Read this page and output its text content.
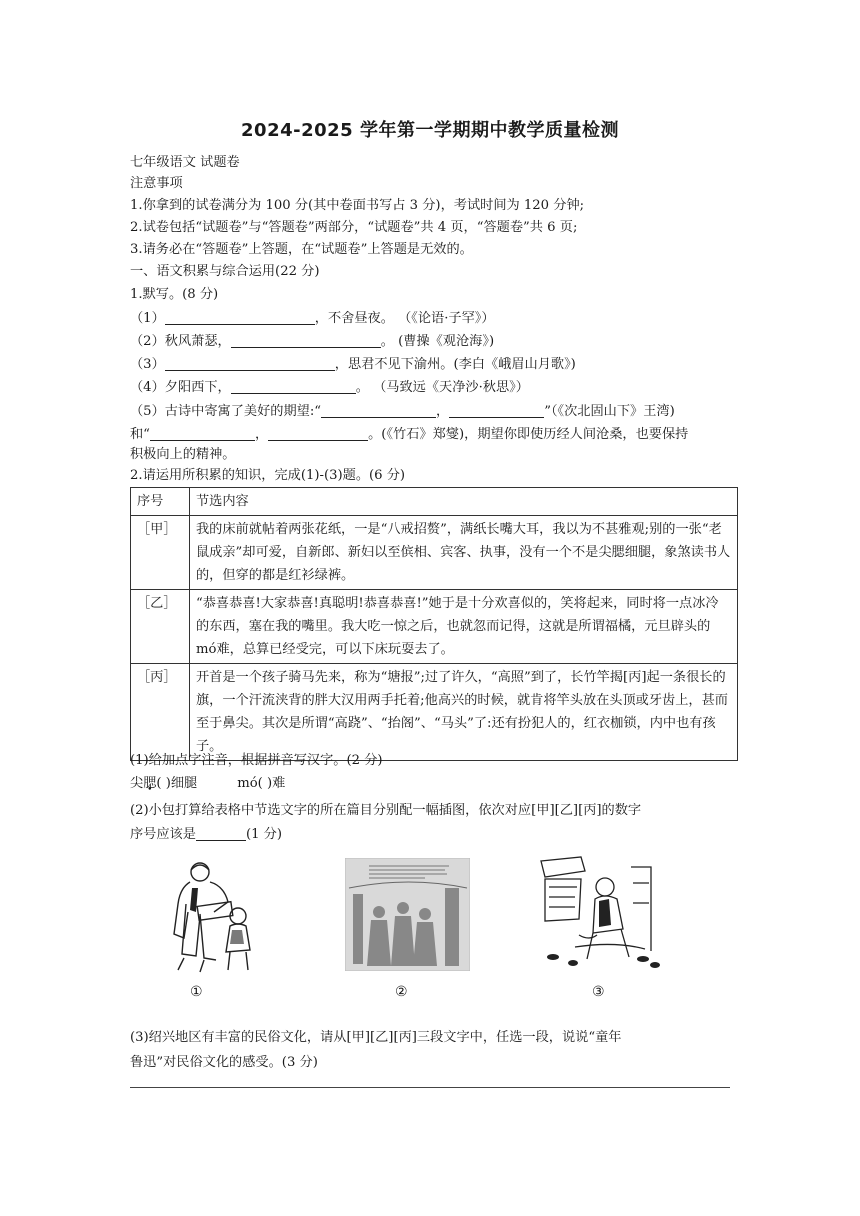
2024-2025 学年第一学期期中教学质量检测
七年级语文 试题卷
注意事项
1.你拿到的试卷满分为 100 分(其中卷面书写占 3 分)，考试时间为 120 分钟;
2.试卷包括“试题卷”与“答题卷”两部分，“试题卷”共 4 页，“答题卷”共 6 页;
3.请务必在“答题卷”上答题，在“试题卷”上答题是无效的。
一、语文积累与综合运用(22 分)
1.默写。(8 分)
（1）	，不舍昼夜。 （《论语·子罕》）
（2）秋风萧瑟，	。 (曹操《观沧海》)
（3）	，思君不见下渝州。(李白《峨眉山月歌》)
（4）夕阳西下，	。 （马致远《天净沙·秋思》）
（5）古诗中寄寓了美好的期望:“	，	”（《次北固山下》王湾)
和“	，	。(《竹石》郑燮)，期望你即使历经人间沧桑，也要保持
积极向上的精神。
2.请运用所积累的知识，完成(1)-(3)题。(6 分)
序号	节选内容
［甲］	我的床前就帖着两张花纸，一是“八戒招赘”，满纸长嘴大耳，我以为不甚雅观;别的一张“老鼠成亲”却可爱，自新郎、新妇以至傧相、宾客、执事，没有一个不是尖腮细腿，象煞读书人的，但穿的都是红衫绿裤。
［乙］	“恭喜恭喜!大家恭喜!真聪明!恭喜恭喜!”她于是十分欢喜似的，笑将起来，同时将一点冰冷的东西，塞在我的嘴里。我大吃一惊之后，也就忽而记得，这就是所谓福橘，元旦辟头的 mó难，总算已经受完，可以下床玩耍去了。
［丙］	开首是一个孩子骑马先来，称为“塘报”;过了许久，“高照”到了，长竹竿揭[丙]起一条很长的旗，一个汗流浃背的胖大汉用两手托着;他高兴的时候，就肯将竿头放在头顶或牙齿上，甚而至于鼻尖。其次是所谓“高跷”、“抬阁”、“马头”了:还有扮犯人的，红衣枷锁，内中也有孩子。
(1)给加点字注音，根据拼音写汉字。(2 分)
尖腮( )细腿	mó( )难
(2)小包打算给表格中节选文字的所在篇目分别配一幅插图，依次对应[甲][乙][丙]的数字
序号应该是	(1 分)
①	②	③
(3)绍兴地区有丰富的民俗文化，请从[甲][乙][丙]三段文字中，任选一段，说说“童年
鲁迅”对民俗文化的感受。(3 分)
